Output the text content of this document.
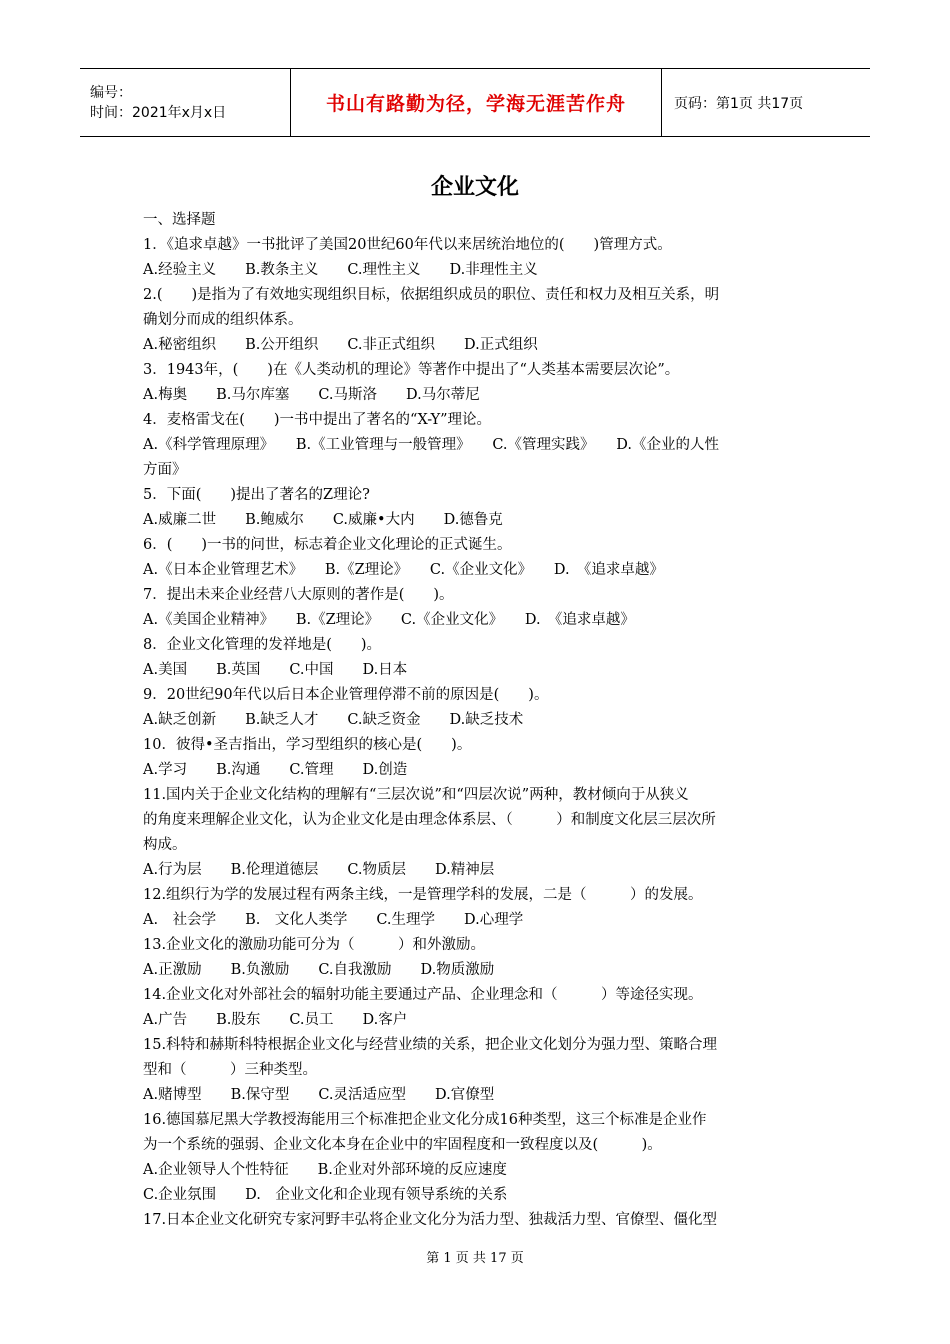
编号：
时间：2021年x月x日	书山有路勤为径，学海无涯苦作舟	页码：第1页 共17页
企业文化
一、选择题
1．《追求卓越》一书批评了美国20世纪60年代以来居统治地位的(　　)管理方式。
A.经验主义　　B.教条主义　　C.理性主义　　D.非理性主义
2.(　　)是指为了有效地实现组织目标，依据组织成员的职位、责任和权力及相互关系，明
确划分而成的组织体系。
A.秘密组织　　B.公开组织　　C.非正式组织　　D.正式组织
3．1943年，(　　)在《人类动机的理论》等著作中提出了“人类基本需要层次论”。
A.梅奥　　B.马尔库塞　　C.马斯洛　　D.马尔蒂尼
4．麦格雷戈在(　　)一书中提出了著名的“X-Y”理论。
A.《科学管理原理》　　B.《工业管理与一般管理》　　C.《管理实践》　　D.《企业的人性
方面》
5．下面(　　)提出了著名的Z理论?
A.威廉二世　　B.鲍威尔　　C.威廉•大内　　D.德鲁克
6．(　　)一书的问世，标志着企业文化理论的正式诞生。
A.《日本企业管理艺术》　　B.《Z理论》　　C.《企业文化》　　D.　《追求卓越》
7．提出未来企业经营八大原则的著作是(　　)。
A.《美国企业精神》　　B.《Z理论》　　C.《企业文化》　　D.　《追求卓越》
8．企业文化管理的发祥地是(　　)。
A.美国　　B.英国　　C.中国　　D.日本
9．20世纪90年代以后日本企业管理停滞不前的原因是(　　)。
A.缺乏创新　　B.缺乏人才　　C.缺乏资金　　D.缺乏技术
10．彼得•圣吉指出，学习型组织的核心是(　　)。
A.学习　　B.沟通　　C.管理　　D.创造
11.国内关于企业文化结构的理解有“三层次说”和“四层次说”两种，教材倾向于从狭义
的角度来理解企业文化，认为企业文化是由理念体系层、（　　　）和制度文化层三层次所
构成。
A.行为层　　B.伦理道德层　　C.物质层　　D.精神层
12.组织行为学的发展过程有两条主线，一是管理学科的发展，二是（　　　）的发展。
A.　社会学　　B.　文化人类学　　C.生理学　　D.心理学
13.企业文化的激励功能可分为（　　　）和外激励。
A.正激励　　B.负激励　　C.自我激励　　D.物质激励
14.企业文化对外部社会的辐射功能主要通过产品、企业理念和（　　　）等途径实现。
A.广告　　B.股东　　C.员工　　D.客户
15.科特和赫斯科特根据企业文化与经营业绩的关系，把企业文化划分为强力型、策略合理
型和（　　　）三种类型。
A.赌博型　　B.保守型　　C.灵活适应型　　D.官僚型
16.德国慕尼黑大学教授海能用三个标准把企业文化分成16种类型，这三个标准是企业作
为一个系统的强弱、企业文化本身在企业中的牢固程度和一致程度以及(　　　)。
A.企业领导人个性特征　　B.企业对外部环境的反应速度
C.企业氛围　　D.　企业文化和企业现有领导系统的关系
17.日本企业文化研究专家河野丰弘将企业文化分为活力型、独裁活力型、官僚型、僵化型
第 1 页 共 17 页
